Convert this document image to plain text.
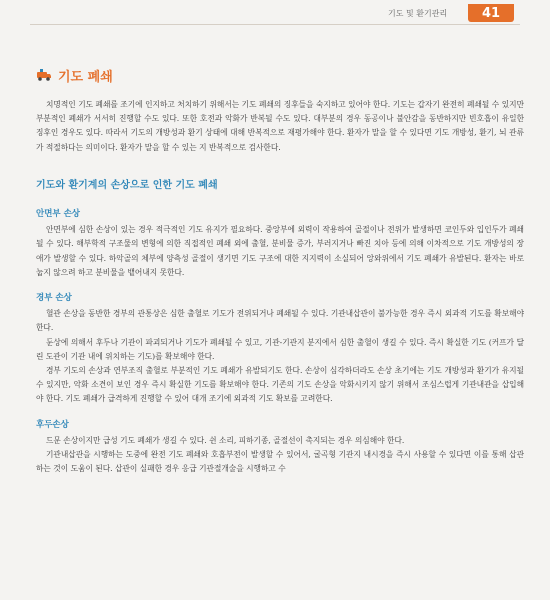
기도 및 환기관리	41
기도 폐쇄

치명적인 기도 폐쇄를 조기에 인지하고 처치하기 위해서는 기도 폐쇄의 징후들을 숙지하고 있어야 한다. 기도는 갑자기 완전히 폐쇄될 수 있지만 부분적인 폐쇄가 서서히 진행할 수도 있다. 또한 호전과 악화가 반복될 수도 있다. 대부분의 경우 동공이나 불안감을 동반하지만 빈호흡이 유일한 징후인 경우도 있다. 따라서 기도의 개방성과 환기 상태에 대해 반복적으로 재평가해야 한다. 환자가 말을 할 수 있다면 기도 개방성, 환기, 뇌 관류가 적절하다는 의미이다. 환자가 말을 할 수 있는 지 반복적으로 검사한다.

기도와 환기계의 손상으로 인한 기도 폐쇄
안면부 손상

안면부에 심한 손상이 있는 경우 적극적인 기도 유지가 필요하다. 중앙부에 외력이 작용하여 골절이나 전위가 발생하면 코인두와 입인두가 폐쇄될 수 있다. 해부학적 구조물의 변형에 의한 직접적인 폐쇄 외에 출혈, 분비물 증가, 부러지거나 빠진 치아 등에 의해 이차적으로 기도 개방성의 장애가 발생할 수 있다. 하악골의 체부에 양측성 골절이 생기면 기도 구조에 대한 지지력이 소실되어 앙와위에서 기도 폐쇄가 유발된다. 환자는 바로 눕지 않으려 하고 분비물을 뱉어내지 못한다.

경부 손상

혈관 손상을 동반한 경부의 관통상은 심한 출혈로 기도가 전위되거나 폐쇄될 수 있다. 기관내삽관이 불가능한 경우 즉시 외과적 기도를 확보해야 한다.

둔상에 의해서 후두나 기관이 파괴되거나 기도가 폐쇄될 수 있고, 기관-기관지 분지에서 심한 출혈이 생길 수 있다. 즉시 확실한 기도 (커프가 달린 도관이 기관 내에 위치하는 기도)를 확보해야 한다.

경부 기도의 손상과 연부조직 출혈로 부분적인 기도 폐쇄가 유발되기도 한다. 손상이 심각하더라도 손상 초기에는 기도 개방성과 환기가 유지될 수 있지만, 악화 소견이 보인 경우 즉시 확실한 기도를 확보해야 한다. 기존의 기도 손상을 악화시키지 않기 위해서 조심스럽게 기관내관을 삽입해야 한다. 기도 폐쇄가 급격하게 진행할 수 있어 대개 조기에 외과적 기도 확보를 고려한다.

후두손상

드문 손상이지만 급성 기도 폐쇄가 생길 수 있다. 쉰 소리, 피하기종, 골절선이 촉지되는 경우 의심해야 한다.

기관내삽관을 시행하는 도중에 완전 기도 폐쇄와 호흡부전이 발생할 수 있어서, 굴곡형 기관지 내시경을 즉시 사용할 수 있다면 이를 통해 삽관하는 것이 도움이 된다. 삽관이 실패한 경우 응급 기관절개술을 시행하고 수
